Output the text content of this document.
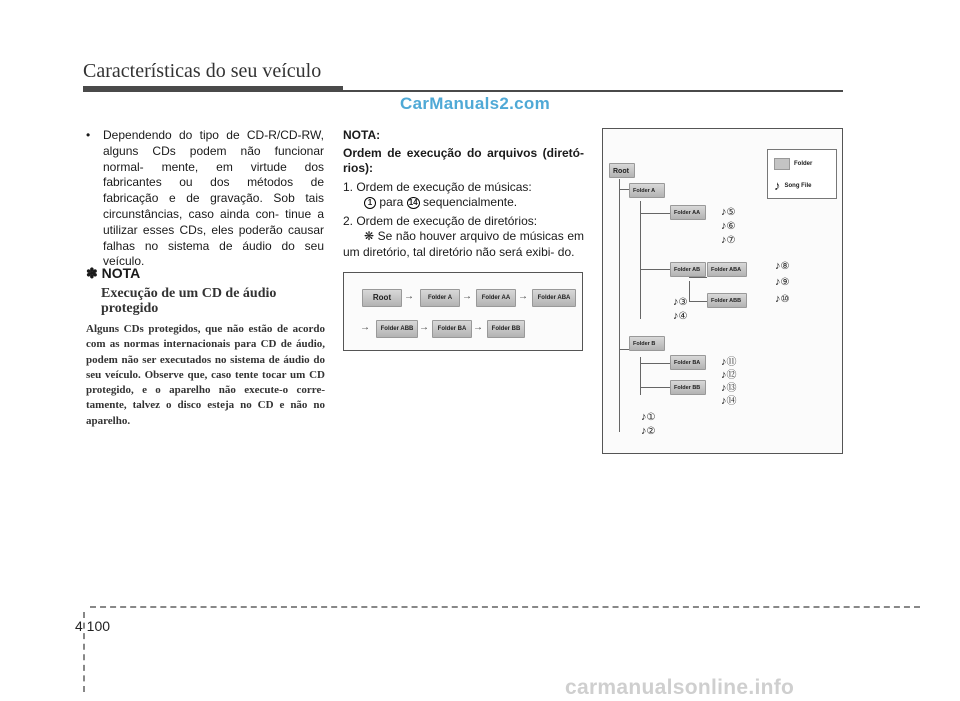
Características do seu veículo
CarManuals2.com
•	Dependendo do tipo de CD-R/CD-RW, alguns CDs podem não funcionar normal- mente, em virtude dos fabricantes ou dos métodos de fabricação e de gravação. Sob tais circunstâncias, caso ainda con- tinue a utilizar esses CDs, eles poderão causar falhas no sistema de áudio do seu veículo.
✽ NOTA
Execução de um CD de áudio protegido
Alguns CDs protegidos, que não estão de acordo com as normas internacionais para CD de áudio, podem não ser executados no sistema de áudio do seu veículo. Observe que, caso tente tocar um CD protegido, e o aparelho não execute-o corre- tamente, talvez o disco esteja no CD e não no aparelho.

NOTA:

Ordem de execução do arquivos (diretó- rios):

1. Ordem de execução de músicas:

1 para 14 sequencialmente.

2. Ordem de execução de diretórios:

❋ Se não houver arquivo de músicas em um diretório, tal diretório não será exibi- do.

Root	→	Folder A →	Folder AA →	Folder ABA
→	Folder ABB →	Folder BA →	Folder BB
Folder
♪ Song File
Root
Folder A
Folder AA
Folder AB	Folder ABA
Folder ABB
Folder B
Folder BA
Folder BB
♪⑤
♪⑥
♪⑦
♪⑧
♪⑨
♪⑩
♪③
♪④
♪⑪
♪⑫
♪⑬
♪⑭
♪①
♪②
4 100
carmanualsonline.info
